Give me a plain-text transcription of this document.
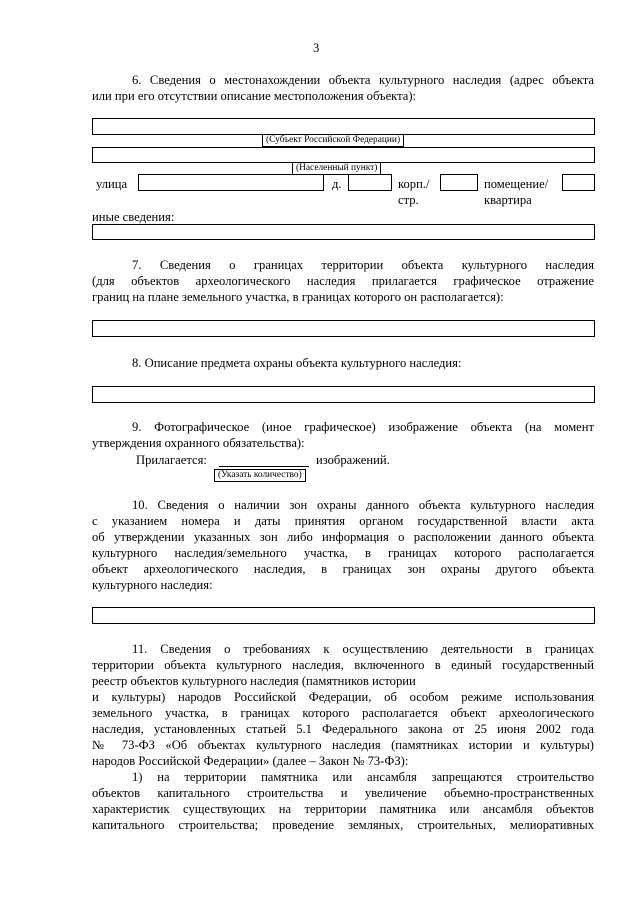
3
6. Сведения о местонахождении объекта культурного наследия (адрес объекта
или при его отсутствии описание местоположения объекта):
(Субъект Российской Федерации)
(Населенный пункт)
улица	д.	корп./
стр.
помещение/
квартира
иные сведения:
7. Сведения о границах территории объекта культурного наследия
(для объектов археологического наследия прилагается графическое отражение
границ на плане земельного участка, в границах которого он располагается):
8. Описание предмета охраны объекта культурного наследия:
9. Фотографическое (иное графическое) изображение объекта (на момент
утверждения охранного обязательства):
Прилагается:	изображений.
(Указать количество)
10. Сведения о наличии зон охраны данного объекта культурного наследия
с указанием номера и даты принятия органом государственной власти акта
об утверждении указанных зон либо информация о расположении данного объекта
культурного наследия/земельного участка, в границах которого располагается
объект археологического наследия, в границах зон охраны другого объекта
культурного наследия:
11. Сведения о требованиях к осуществлению деятельности в границах
территории объекта культурного наследия, включенного в единый государственный
реестр объектов культурного наследия (памятников истории
и культуры) народов Российской Федерации, об особом режиме использования
земельного участка, в границах которого располагается объект археологического
наследия, установленных статьей 5.1 Федерального закона от 25 июня 2002 года
№ 73-ФЗ «Об объектах культурного наследия (памятниках истории и культуры)
народов Российской Федерации» (далее – Закон № 73-ФЗ):
1) на территории памятника или ансамбля запрещаются строительство
объектов капитального строительства и увеличение объемно-пространственных
характеристик существующих на территории памятника или ансамбля объектов
капитального строительства; проведение земляных, строительных, мелиоративных
